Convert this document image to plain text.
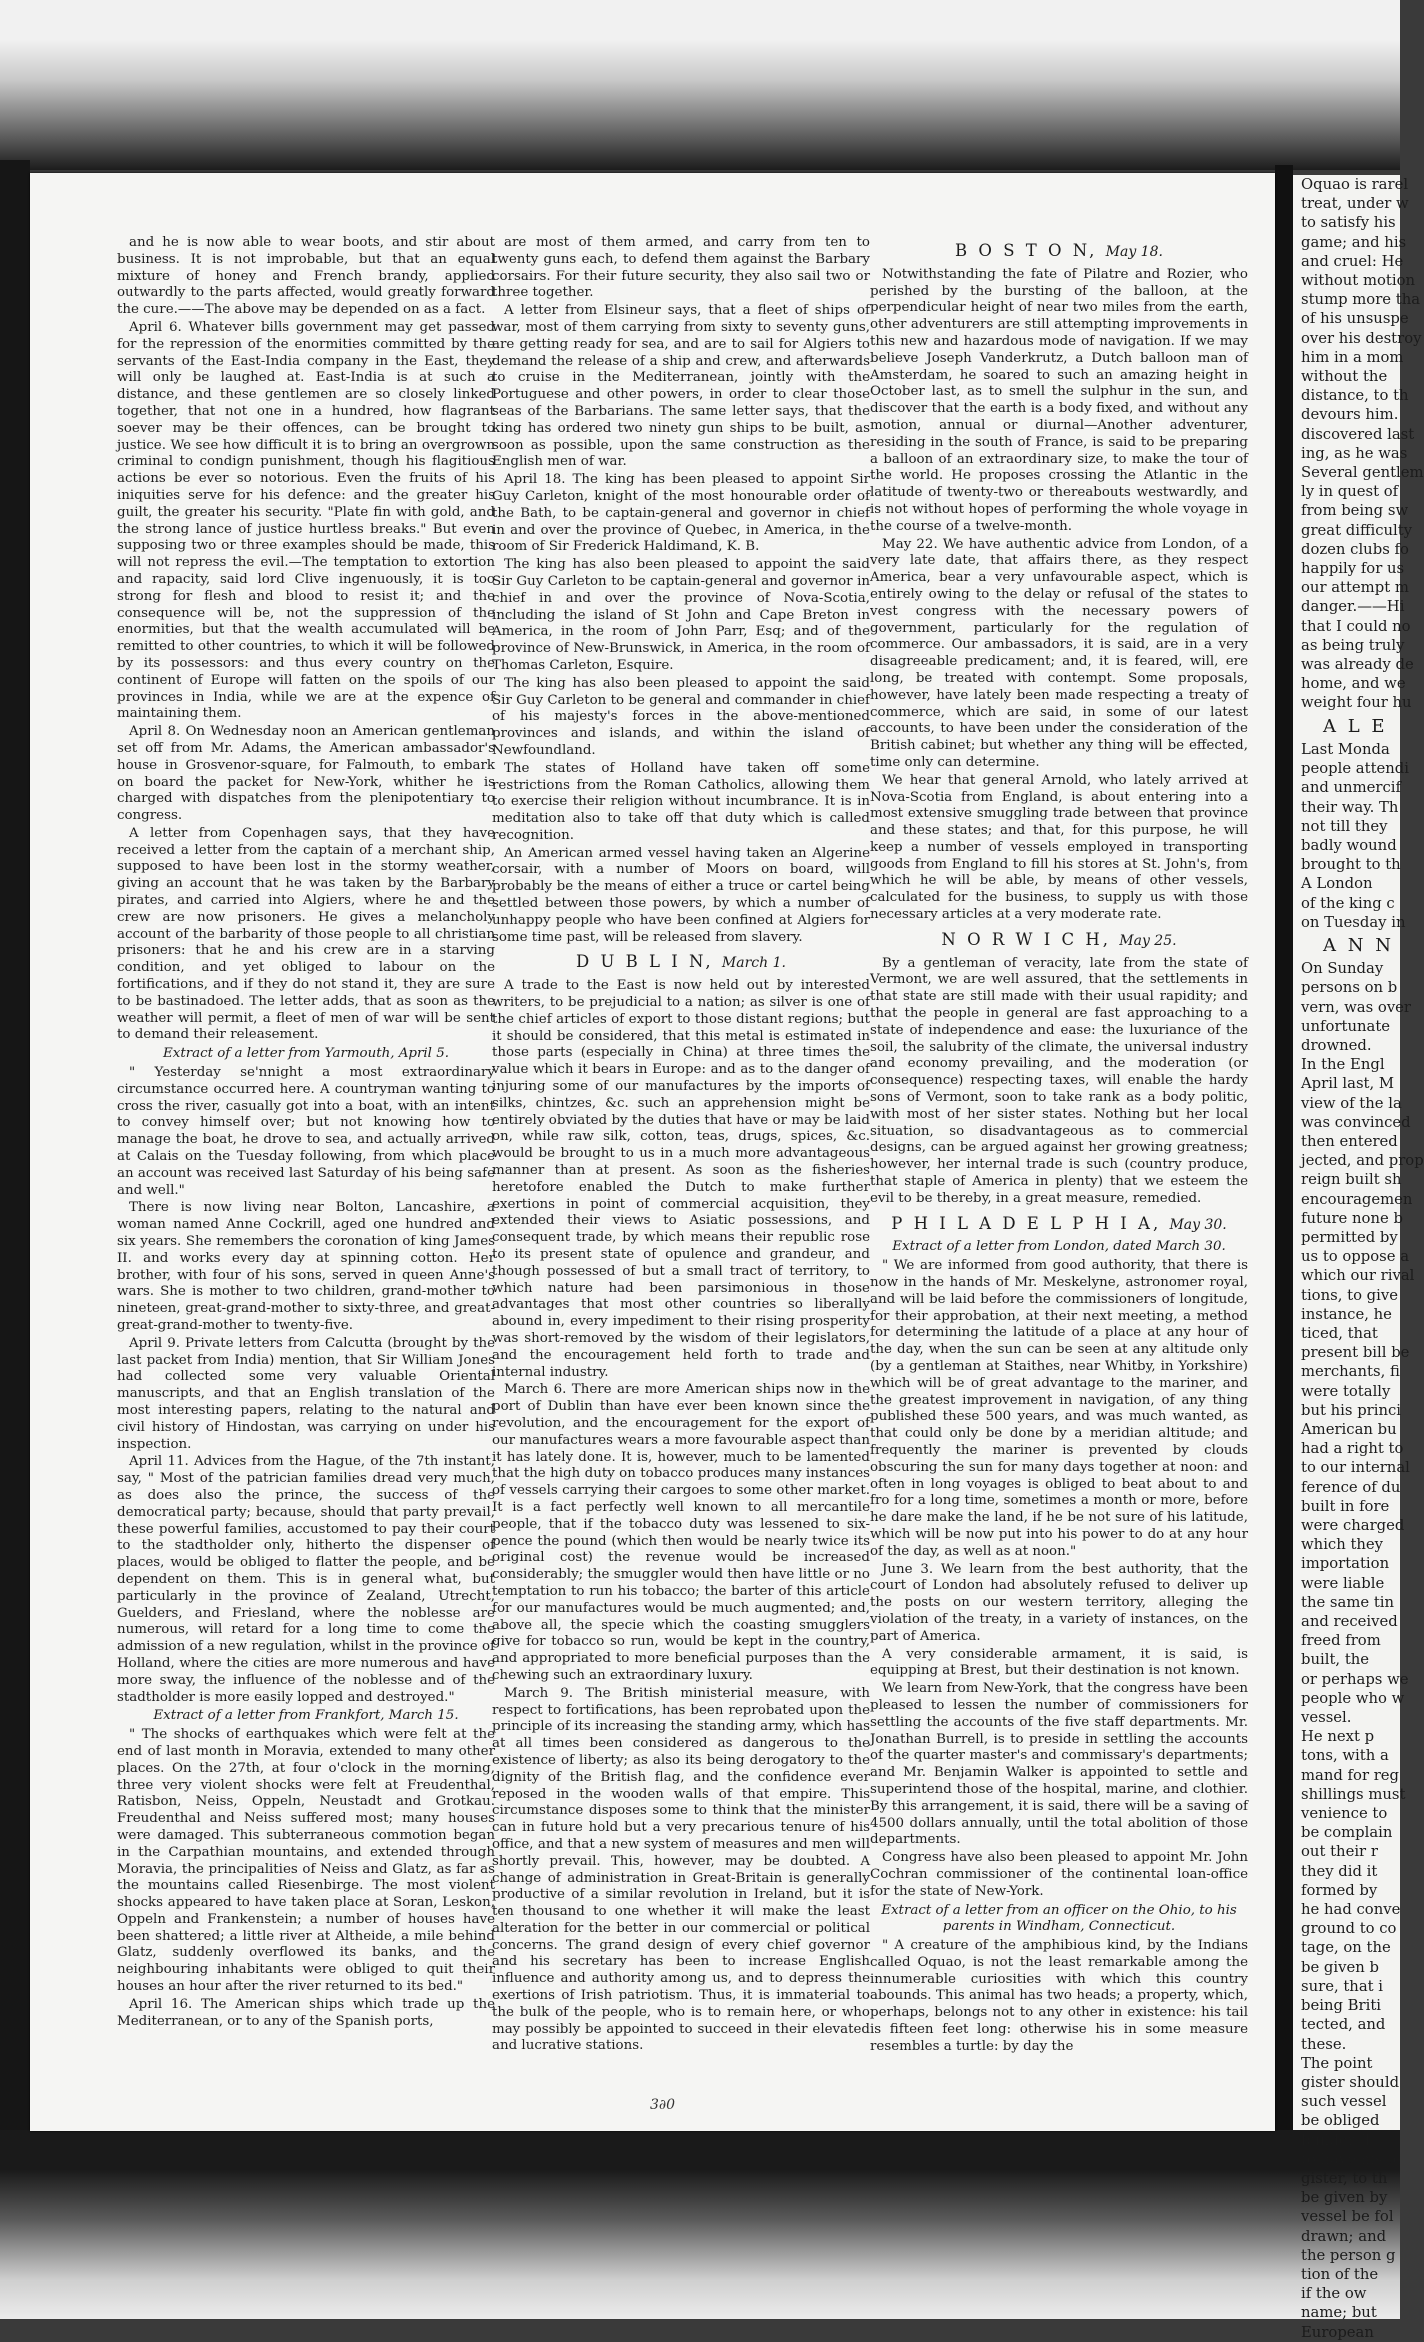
and he is now able to wear boots, and stir about business. It is not improbable, but that an equal mixture of honey and French brandy, applied outwardly to the parts affected, would greatly forward the cure.——The above may be depended on as a fact.

April 6. Whatever bills government may get passed for the repression of the enormities committed by the servants of the East-India company in the East, they will only be laughed at. East-India is at such a distance, and these gentlemen are so closely linked together, that not one in a hundred, how flagrant soever may be their offences, can be brought to justice. We see how difficult it is to bring an overgrown criminal to condign punishment, though his flagitious actions be ever so notorious. Even the fruits of his iniquities serve for his defence: and the greater his guilt, the greater his security. "Plate fin with gold, and the strong lance of justice hurtless breaks." But even supposing two or three examples should be made, this will not repress the evil.—The temptation to extortion and rapacity, said lord Clive ingenuously, it is too strong for flesh and blood to resist it; and the consequence will be, not the suppression of the enormities, but that the wealth accumulated will be remitted to other countries, to which it will be followed by its possessors: and thus every country on the continent of Europe will fatten on the spoils of our provinces in India, while we are at the expence of maintaining them.

April 8. On Wednesday noon an American gentleman set off from Mr. Adams, the American ambassador's house in Grosvenor-square, for Falmouth, to embark on board the packet for New-York, whither he is charged with dispatches from the plenipotentiary to congress.

A letter from Copenhagen says, that they have received a letter from the captain of a merchant ship, supposed to have been lost in the stormy weather, giving an account that he was taken by the Barbary pirates, and carried into Algiers, where he and the crew are now prisoners. He gives a melancholy account of the barbarity of those people to all christian prisoners: that he and his crew are in a starving condition, and yet obliged to labour on the fortifications, and if they do not stand it, they are sure to be bastinadoed. The letter adds, that as soon as the weather will permit, a fleet of men of war will be sent to demand their releasement.

Extract of a letter from Yarmouth, April 5.

" Yesterday se'nnight a most extraordinary circumstance occurred here. A countryman wanting to cross the river, casually got into a boat, with an intent to convey himself over; but not knowing how to manage the boat, he drove to sea, and actually arrived at Calais on the Tuesday following, from which place an account was received last Saturday of his being safe and well."

There is now living near Bolton, Lancashire, a woman named Anne Cockrill, aged one hundred and six years. She remembers the coronation of king James II. and works every day at spinning cotton. Her brother, with four of his sons, served in queen Anne's wars. She is mother to two children, grand-mother to nineteen, great-grand-mother to sixty-three, and great-great-grand-mother to twenty-five.

April 9. Private letters from Calcutta (brought by the last packet from India) mention, that Sir William Jones had collected some very valuable Oriental manuscripts, and that an English translation of the most interesting papers, relating to the natural and civil history of Hindostan, was carrying on under his inspection.

April 11. Advices from the Hague, of the 7th instant, say, " Most of the patrician families dread very much, as does also the prince, the success of the democratical party; because, should that party prevail, these powerful families, accustomed to pay their court to the stadtholder only, hitherto the dispenser of places, would be obliged to flatter the people, and be dependent on them. This is in general what, but particularly in the province of Zealand, Utrecht, Guelders, and Friesland, where the noblesse are numerous, will retard for a long time to come the admission of a new regulation, whilst in the province of Holland, where the cities are more numerous and have more sway, the influence of the noblesse and of the stadtholder is more easily lopped and destroyed."

Extract of a letter from Frankfort, March 15.

" The shocks of earthquakes which were felt at the end of last month in Moravia, extended to many other places. On the 27th, at four o'clock in the morning, three very violent shocks were felt at Freudenthal, Ratisbon, Neiss, Oppeln, Neustadt and Grotkau. Freudenthal and Neiss suffered most; many houses were damaged. This subterraneous commotion began in the Carpathian mountains, and extended through Moravia, the principalities of Neiss and Glatz, as far as the mountains called Riesenbirge. The most violent shocks appeared to have taken place at Soran, Leskon, Oppeln and Frankenstein; a number of houses have been shattered; a little river at Altheide, a mile behind Glatz, suddenly overflowed its banks, and the neighbouring inhabitants were obliged to quit their houses an hour after the river returned to its bed."

April 16. The American ships which trade up the Mediterranean, or to any of the Spanish ports,

are most of them armed, and carry from ten to twenty guns each, to defend them against the Barbary corsairs. For their future security, they also sail two or three together.

A letter from Elsineur says, that a fleet of ships of war, most of them carrying from sixty to seventy guns, are getting ready for sea, and are to sail for Algiers to demand the release of a ship and crew, and afterwards to cruise in the Mediterranean, jointly with the Portuguese and other powers, in order to clear those seas of the Barbarians. The same letter says, that the king has ordered two ninety gun ships to be built, as soon as possible, upon the same construction as the English men of war.

April 18. The king has been pleased to appoint Sir Guy Carleton, knight of the most honourable order of the Bath, to be captain-general and governor in chief in and over the province of Quebec, in America, in the room of Sir Frederick Haldimand, K. B.

The king has also been pleased to appoint the said Sir Guy Carleton to be captain-general and governor in chief in and over the province of Nova-Scotia, including the island of St John and Cape Breton in America, in the room of John Parr, Esq; and of the province of New-Brunswick, in America, in the room of Thomas Carleton, Esquire.

The king has also been pleased to appoint the said Sir Guy Carleton to be general and commander in chief of his majesty's forces in the above-mentioned provinces and islands, and within the island of Newfoundland.

The states of Holland have taken off some restrictions from the Roman Catholics, allowing them to exercise their religion without incumbrance. It is in meditation also to take off that duty which is called recognition.

An American armed vessel having taken an Algerine corsair, with a number of Moors on board, will probably be the means of either a truce or cartel being settled between those powers, by which a number of unhappy people who have been confined at Algiers for some time past, will be released from slavery.

D U B L I N, March 1.

A trade to the East is now held out by interested writers, to be prejudicial to a nation; as silver is one of the chief articles of export to those distant regions; but it should be considered, that this metal is estimated in those parts (especially in China) at three times the value which it bears in Europe: and as to the danger of injuring some of our manufactures by the imports of silks, chintzes, &c. such an apprehension might be entirely obviated by the duties that have or may be laid on, while raw silk, cotton, teas, drugs, spices, &c. would be brought to us in a much more advantageous manner than at present. As soon as the fisheries heretofore enabled the Dutch to make further exertions in point of commercial acquisition, they extended their views to Asiatic possessions, and consequent trade, by which means their republic rose to its present state of opulence and grandeur, and though possessed of but a small tract of territory, to which nature had been parsimonious in those advantages that most other countries so liberally abound in, every impediment to their rising prosperity was short-removed by the wisdom of their legislators, and the encouragement held forth to trade and internal industry.

March 6. There are more American ships now in the port of Dublin than have ever been known since the revolution, and the encouragement for the export of our manufactures wears a more favourable aspect than it has lately done. It is, however, much to be lamented that the high duty on tobacco produces many instances of vessels carrying their cargoes to some other market. It is a fact perfectly well known to all mercantile people, that if the tobacco duty was lessened to six-pence the pound (which then would be nearly twice its original cost) the revenue would be increased considerably; the smuggler would then have little or no temptation to run his tobacco; the barter of this article for our manufactures would be much augmented; and, above all, the specie which the coasting smugglers give for tobacco so run, would be kept in the country, and appropriated to more beneficial purposes than the chewing such an extraordinary luxury.

March 9. The British ministerial measure, with respect to fortifications, has been reprobated upon the principle of its increasing the standing army, which has at all times been considered as dangerous to the existence of liberty; as also its being derogatory to the dignity of the British flag, and the confidence ever reposed in the wooden walls of that empire. This circumstance disposes some to think that the minister can in future hold but a very precarious tenure of his office, and that a new system of measures and men will shortly prevail. This, however, may be doubted. A change of administration in Great-Britain is generally productive of a similar revolution in Ireland, but it is ten thousand to one whether it will make the least alteration for the better in our commercial or political concerns. The grand design of every chief governor and his secretary has been to increase English influence and authority among us, and to depress the exertions of Irish patriotism. Thus, it is immaterial to the bulk of the people, who is to remain here, or who may possibly be appointed to succeed in their elevated and lucrative stations.

B O S T O N, May 18.

Notwithstanding the fate of Pilatre and Rozier, who perished by the bursting of the balloon, at the perpendicular height of near two miles from the earth, other adventurers are still attempting improvements in this new and hazardous mode of navigation. If we may believe Joseph Vanderkrutz, a Dutch balloon man of Amsterdam, he soared to such an amazing height in October last, as to smell the sulphur in the sun, and discover that the earth is a body fixed, and without any motion, annual or diurnal—Another adventurer, residing in the south of France, is said to be preparing a balloon of an extraordinary size, to make the tour of the world. He proposes crossing the Atlantic in the latitude of twenty-two or thereabouts westwardly, and is not without hopes of performing the whole voyage in the course of a twelve-month.

May 22. We have authentic advice from London, of a very late date, that affairs there, as they respect America, bear a very unfavourable aspect, which is entirely owing to the delay or refusal of the states to vest congress with the necessary powers of government, particularly for the regulation of commerce. Our ambassadors, it is said, are in a very disagreeable predicament; and, it is feared, will, ere long, be treated with contempt. Some proposals, however, have lately been made respecting a treaty of commerce, which are said, in some of our latest accounts, to have been under the consideration of the British cabinet; but whether any thing will be effected, time only can determine.

We hear that general Arnold, who lately arrived at Nova-Scotia from England, is about entering into a most extensive smuggling trade between that province and these states; and that, for this purpose, he will keep a number of vessels employed in transporting goods from England to fill his stores at St. John's, from which he will be able, by means of other vessels, calculated for the business, to supply us with those necessary articles at a very moderate rate.

N O R W I C H, May 25.

By a gentleman of veracity, late from the state of Vermont, we are well assured, that the settlements in that state are still made with their usual rapidity; and that the people in general are fast approaching to a state of independence and ease: the luxuriance of the soil, the salubrity of the climate, the universal industry and economy prevailing, and the moderation (or consequence) respecting taxes, will enable the hardy sons of Vermont, soon to take rank as a body politic, with most of her sister states. Nothing but her local situation, so disadvantageous as to commercial designs, can be argued against her growing greatness; however, her internal trade is such (country produce, that staple of America in plenty) that we esteem the evil to be thereby, in a great measure, remedied.

P H I L A D E L P H I A, May 30.

Extract of a letter from London, dated March 30.

" We are informed from good authority, that there is now in the hands of Mr. Meskelyne, astronomer royal, and will be laid before the commissioners of longitude, for their approbation, at their next meeting, a method for determining the latitude of a place at any hour of the day, when the sun can be seen at any altitude only (by a gentleman at Staithes, near Whitby, in Yorkshire) which will be of great advantage to the mariner, and the greatest improvement in navigation, of any thing published these 500 years, and was much wanted, as that could only be done by a meridian altitude; and frequently the mariner is prevented by clouds obscuring the sun for many days together at noon: and often in long voyages is obliged to beat about to and fro for a long time, sometimes a month or more, before he dare make the land, if he be not sure of his latitude, which will be now put into his power to do at any hour of the day, as well as at noon."

June 3. We learn from the best authority, that the court of London had absolutely refused to deliver up the posts on our western territory, alleging the violation of the treaty, in a variety of instances, on the part of America.

A very considerable armament, it is said, is equipping at Brest, but their destination is not known.

We learn from New-York, that the congress have been pleased to lessen the number of commissioners for settling the accounts of the five staff departments. Mr. Jonathan Burrell, is to preside in settling the accounts of the quarter master's and commissary's departments; and Mr. Benjamin Walker is appointed to settle and superintend those of the hospital, marine, and clothier. By this arrangement, it is said, there will be a saving of 4500 dollars annually, until the total abolition of those departments.

Congress have also been pleased to appoint Mr. John Cochran commissioner of the continental loan-office for the state of New-York.

Extract of a letter from an officer on the Ohio, to his parents in Windham, Connecticut.

" A creature of the amphibious kind, by the Indians called Oquao, is not the least remarkable among the innumerable curiosities with which this country abounds. This animal has two heads; a property, which, perhaps, belongs not to any other in existence: his tail is fifteen feet long: otherwise his in some measure resembles a turtle: by day the

3∂0

Oquao is rarel

treat, under w

to satisfy his

game; and his

and cruel: He

without motion

stump more tha

of his unsuspe

over his destroy

him in a mom

without the

distance, to th

devours him.

discovered last

ing, as he was

Several gentlem

ly in quest of

from being sw

great difficulty

dozen clubs fo

happily for us

our attempt m

danger.——Hi

that I could no

as being truly

was already de

home, and we

weight four hu

A L E

Last Monda

people attendi

and unmercif

their way. Th

not till they

badly wound

brought to th

A London

of the king c

on Tuesday in

A N N

On Sunday

persons on b

vern, was over

unfortunate

drowned.

In the Engl

April last, M

view of the la

was convinced

then entered

jected, and prop

reign built sh

encouragemen

future none b

permitted by

us to oppose a

which our rival

tions, to give

instance, he

ticed, that

present bill be

merchants, fi

were totally

but his princi

American bu

had a right to

to our internal

ference of du

built in fore

were charged

which they

importation

were liable

the same tin

and received

freed from

built, the

or perhaps we

people who w

vessel.

He next p

tons, with a

mand for reg

shillings must

venience to

be complain

out their r

they did it

formed by

he had conve

ground to co

tage, on the

be given b

sure, that i

being Briti

tected, and

these.

The point

gister should

such vessel

be obliged

builder. T

to have his o

gister, to th

be given by

vessel be fol

drawn; and

the person g

tion of the

if the ow

name; but

European
